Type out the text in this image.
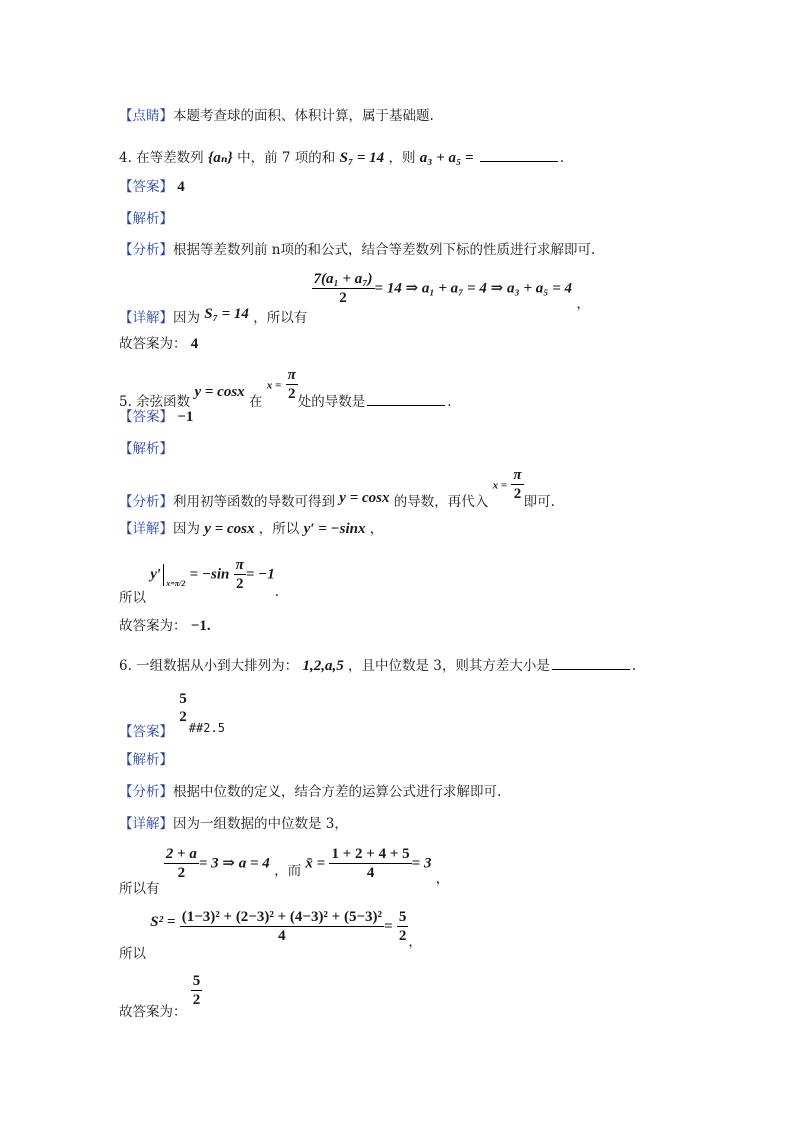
【点睛】本题考查球的面积、体积计算，属于基础题.
4. 在等差数列 {aₙ} 中，前 7 项的和 S₇ = 14 ，则 a₃ + a₅ =	.
【答案】 4
【解析】
【分析】根据等差数列前 n项的和公式，结合等差数列下标的性质进行求解即可.
【详解】因为 S₇ = 14 ，所以有
$\frac{\text{7(a₁ + a₇)}}{2} = 14$ ⇒ a₁ + a₇ = 4 ⇒ a₃ + a₅ = 4 ，
故答案为： 4
5. 余弦函数 y = cosx 在 $x = \frac{\pi}{2}$ 处的导数是	.
【答案】 −1
【解析】
【分析】利用初等函数的导数可得到 y = cosx 的导数，再代入 $x = \frac{\pi}{2}$ 即可.
【详解】因为 y = cosx ，所以 y′ = −sinx ，
所以 $y'_{x=\pi/2} = -\sin \frac{\pi}{2} = -1$.
故答案为： −1.
6. 一组数据从小到大排列为： 1,2,a,5 ，且中位数是 3，则其方差大小是	.
【答案】
5
2
##2.5
【解析】
【分析】根据中位数的定义，结合方差的运算公式进行求解即可.
【详解】因为一组数据的中位数是 3，
所以有
$\frac{2 + a}{2} = 3$ ⇒ a = 4 ，而 x̄ = $\frac{1 + 2 + 4 + 5}{4} = 3$ ，
所以 $S^2 = \frac{\text{(1−3)² + (2−3)² + (4−3)² + (5−3)²}}{4} = \frac{5}{2}$ ，
故答案为：
$\frac{5}{2}$
